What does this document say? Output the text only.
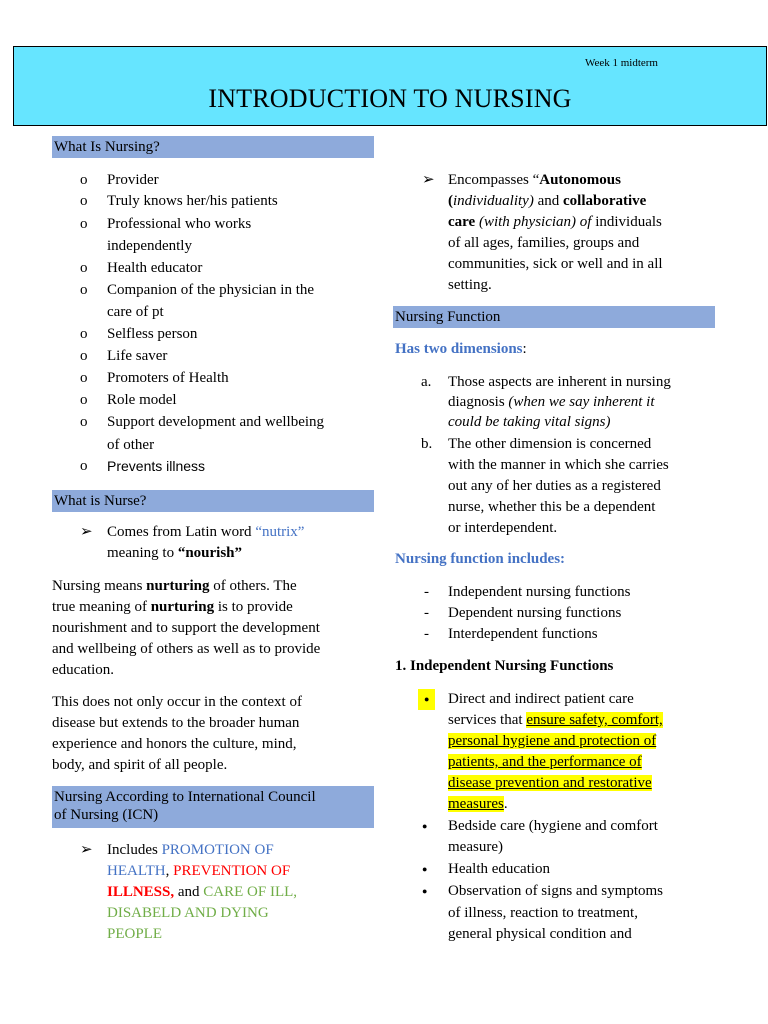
Week 1 midterm
INTRODUCTION TO NURSING
What Is Nursing?
o Provider
o Truly knows her/his patients
o Professional who works
independently
o Health educator
o Companion of the physician in the
care of pt
o Selfless person
o Life saver
o Promoters of Health
o Role model
o Support development and wellbeing
of other
o Prevents illness
What is Nurse?
➢ Comes from Latin word “nutrix”
meaning to “nourish”
Nursing means nurturing of others. The
true meaning of nurturing is to provide
nourishment and to support the development
and wellbeing of others as well as to provide
education.
This does not only occur in the context of
disease but extends to the broader human
experience and honors the culture, mind,
body, and spirit of all people.
Nursing According to International Council
of Nursing (ICN)
➢ Includes PROMOTION OF
HEALTH, PREVENTION OF
ILLNESS, and CARE OF ILL,
DISABELD AND DYING
PEOPLE
➢ Encompasses “Autonomous
(individuality) and collaborative
care (with physician) of individuals
of all ages, families, groups and
communities, sick or well and in all
setting.
Nursing Function
Has two dimensions:
a. Those aspects are inherent in nursing
diagnosis (when we say inherent it
could be taking vital signs)
b. The other dimension is concerned
with the manner in which she carries
out any of her duties as a registered
nurse, whether this be a dependent
or interdependent.
Nursing function includes:
- Independent nursing functions
- Dependent nursing functions
- Interdependent functions
1. Independent Nursing Functions
●	Direct and indirect patient care
services that ensure safety, comfort,
personal hygiene and protection of
patients, and the performance of
disease prevention and restorative
measures.
● Bedside care (hygiene and comfort
measure)
● Health education
● Observation of signs and symptoms
of illness, reaction to treatment,
general physical condition and
